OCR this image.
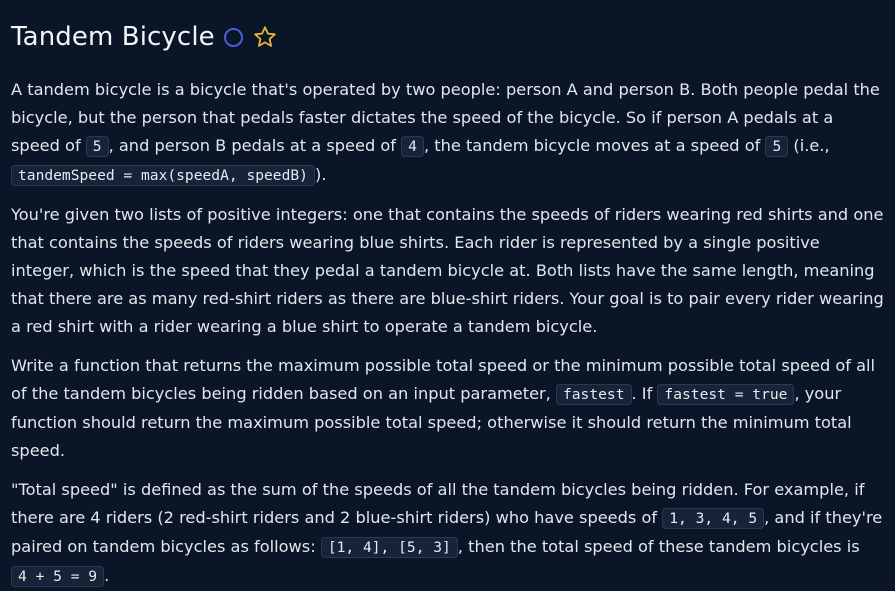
Tandem Bicycle

A tandem bicycle is a bicycle that's operated by two people: person A and person B. Both people pedal the bicycle, but the person that pedals faster dictates the speed of the bicycle. So if person A pedals at a speed of 5 , and person B pedals at a speed of 4 , the tandem bicycle moves at a speed of 5 (i.e., tandemSpeed = max(speedA, speedB) ).

You're given two lists of positive integers: one that contains the speeds of riders wearing red shirts and one that contains the speeds of riders wearing blue shirts. Each rider is represented by a single positive integer, which is the speed that they pedal a tandem bicycle at. Both lists have the same length, meaning that there are as many red-shirt riders as there are blue-shirt riders. Your goal is to pair every rider wearing a red shirt with a rider wearing a blue shirt to operate a tandem bicycle.

Write a function that returns the maximum possible total speed or the minimum possible total speed of all of the tandem bicycles being ridden based on an input parameter, fastest . If fastest = true , your function should return the maximum possible total speed; otherwise it should return the minimum total speed.

"Total speed" is defined as the sum of the speeds of all the tandem bicycles being ridden. For example, if there are 4 riders (2 red-shirt riders and 2 blue-shirt riders) who have speeds of 1, 3, 4, 5 , and if they're paired on tandem bicycles as follows: [1, 4], [5, 3] , then the total speed of these tandem bicycles is 4 + 5 = 9 .
